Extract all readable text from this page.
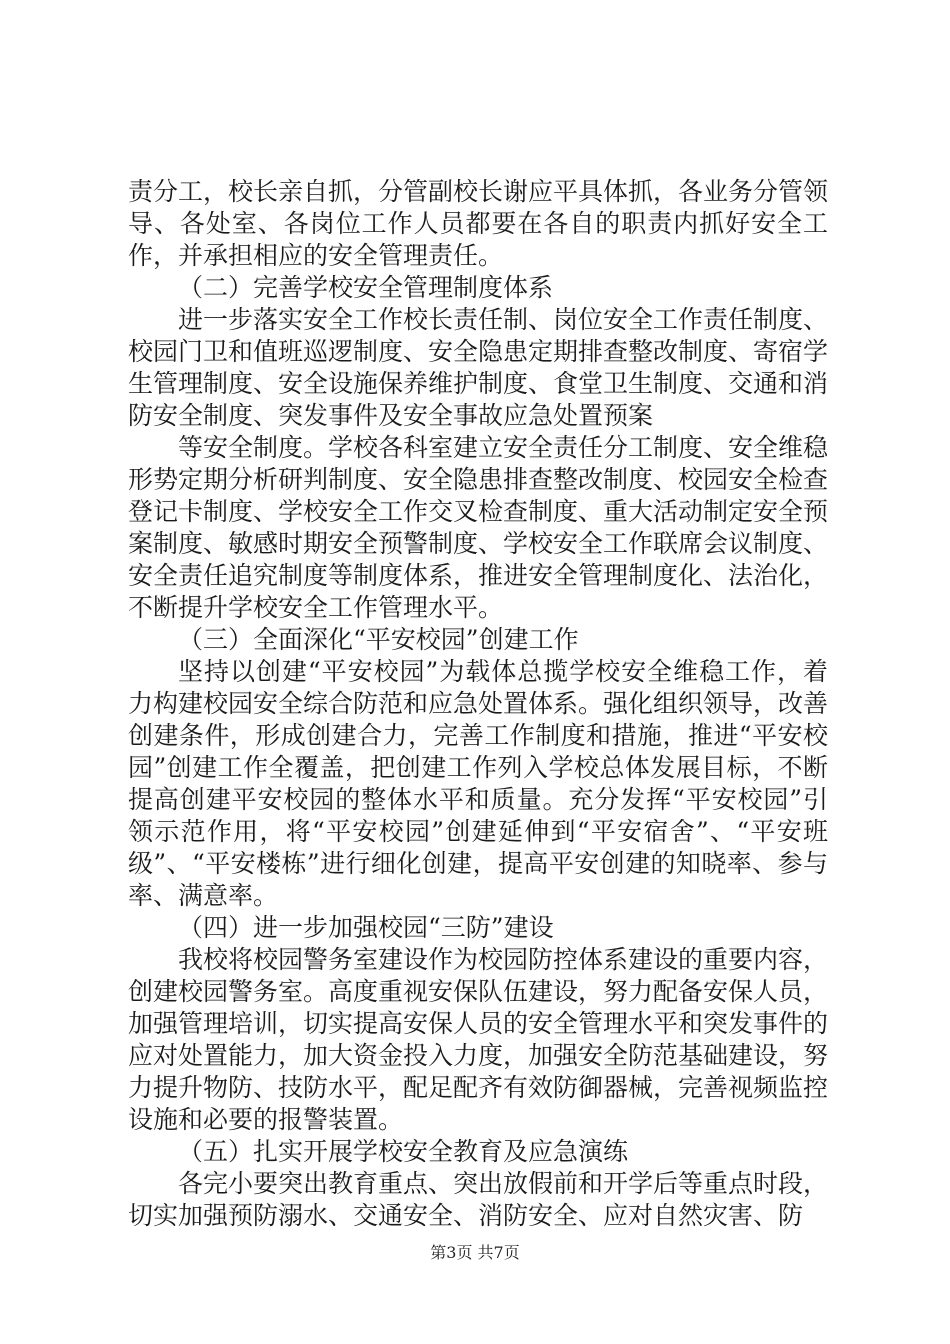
责分工，校长亲自抓，分管副校长谢应平具体抓，各业务分管领导、各处室、各岗位工作人员都要在各自的职责内抓好安全工作，并承担相应的安全管理责任。

（二）完善学校安全管理制度体系

进一步落实安全工作校长责任制、岗位安全工作责任制度、校园门卫和值班巡逻制度、安全隐患定期排查整改制度、寄宿学生管理制度、安全设施保养维护制度、食堂卫生制度、交通和消防安全制度、突发事件及安全事故应急处置预案

等安全制度。学校各科室建立安全责任分工制度、安全维稳形势定期分析研判制度、安全隐患排查整改制度、校园安全检查登记卡制度、学校安全工作交叉检查制度、重大活动制定安全预案制度、敏感时期安全预警制度、学校安全工作联席会议制度、安全责任追究制度等制度体系，推进安全管理制度化、法治化，不断提升学校安全工作管理水平。

（三）全面深化“平安校园”创建工作

坚持以创建“平安校园”为载体总揽学校安全维稳工作，着力构建校园安全综合防范和应急处置体系。强化组织领导，改善创建条件，形成创建合力，完善工作制度和措施，推进“平安校园”创建工作全覆盖，把创建工作列入学校总体发展目标，不断提高创建平安校园的整体水平和质量。充分发挥“平安校园”引领示范作用，将“平安校园”创建延伸到“平安宿舍”、“平安班级”、“平安楼栋”进行细化创建，提高平安创建的知晓率、参与率、满意率。

（四）进一步加强校园“三防”建设

我校将校园警务室建设作为校园防控体系建设的重要内容，创建校园警务室。高度重视安保队伍建设，努力配备安保人员，加强管理培训，切实提高安保人员的安全管理水平和突发事件的应对处置能力，加大资金投入力度，加强安全防范基础建设，努力提升物防、技防水平，配足配齐有效防御器械，完善视频监控设施和必要的报警装置。

（五）扎实开展学校安全教育及应急演练

各完小要突出教育重点、突出放假前和开学后等重点时段，切实加强预防溺水、交通安全、消防安全、应对自然灾害、防

第3页 共7页
